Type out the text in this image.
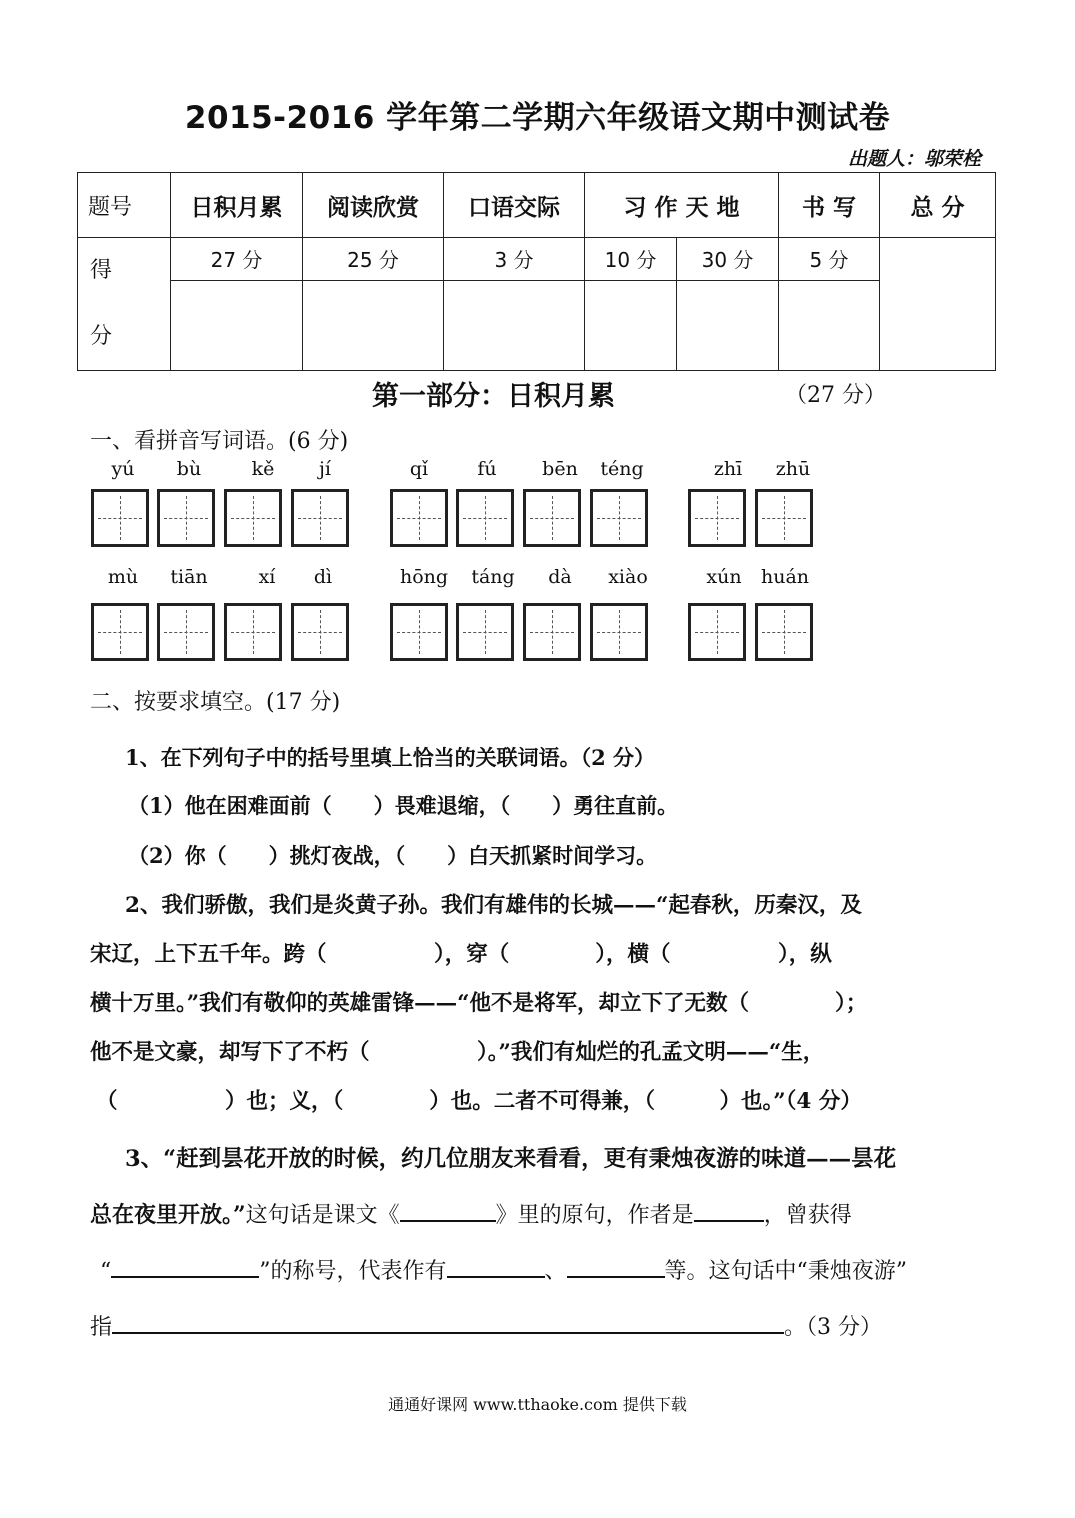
2015-2016 学年第二学期六年级语文期中测试卷
出题人：邬荣栓
题号	日积月累	阅读欣赏	口语交际	习 作 天 地		书 写	总 分

得
分	27 分	25 分	3 分	10 分	30 分	5 分	

第一部分：日积月累	（27 分）
一、看拼音写词语。(6 分)
yú	bù	kě	jí	qǐ	fú	bēn	téng	zhī	zhū
mù	tiān	xí	dì	hōng	táng	dà	xiào	xún	huán
二、按要求填空。(17 分)
1、在下列句子中的括号里填上恰当的关联词语。（2 分）
（1）他在困难面前（　　）畏难退缩，（　　）勇往直前。
（2）你（　　）挑灯夜战，（　　）白天抓紧时间学习。
2、我们骄傲，我们是炎黄子孙。我们有雄伟的长城——“起春秋，历秦汉，及
宋辽，上下五千年。跨（　　　　　），穿（　　　　），横（　　　　　），纵
横十万里。”我们有敬仰的英雄雷锋——“他不是将军，却立下了无数（　　　　）；
他不是文豪，却写下了不朽（　　　　　）。”我们有灿烂的孔孟文明——“生，
（　　　　　）也；义，（　　　　）也。二者不可得兼，（　　　）也。”（4 分）
3、“赶到昙花开放的时候，约几位朋友来看看，更有秉烛夜游的味道——昙花
总在夜里开放。”这句话是课文《	》里的原句，作者是	，曾获得
“	”的称号，代表作有	、	等。这句话中“秉烛夜游”
指	。（3 分）
通通好课网 www.tthaoke.com 提供下载
